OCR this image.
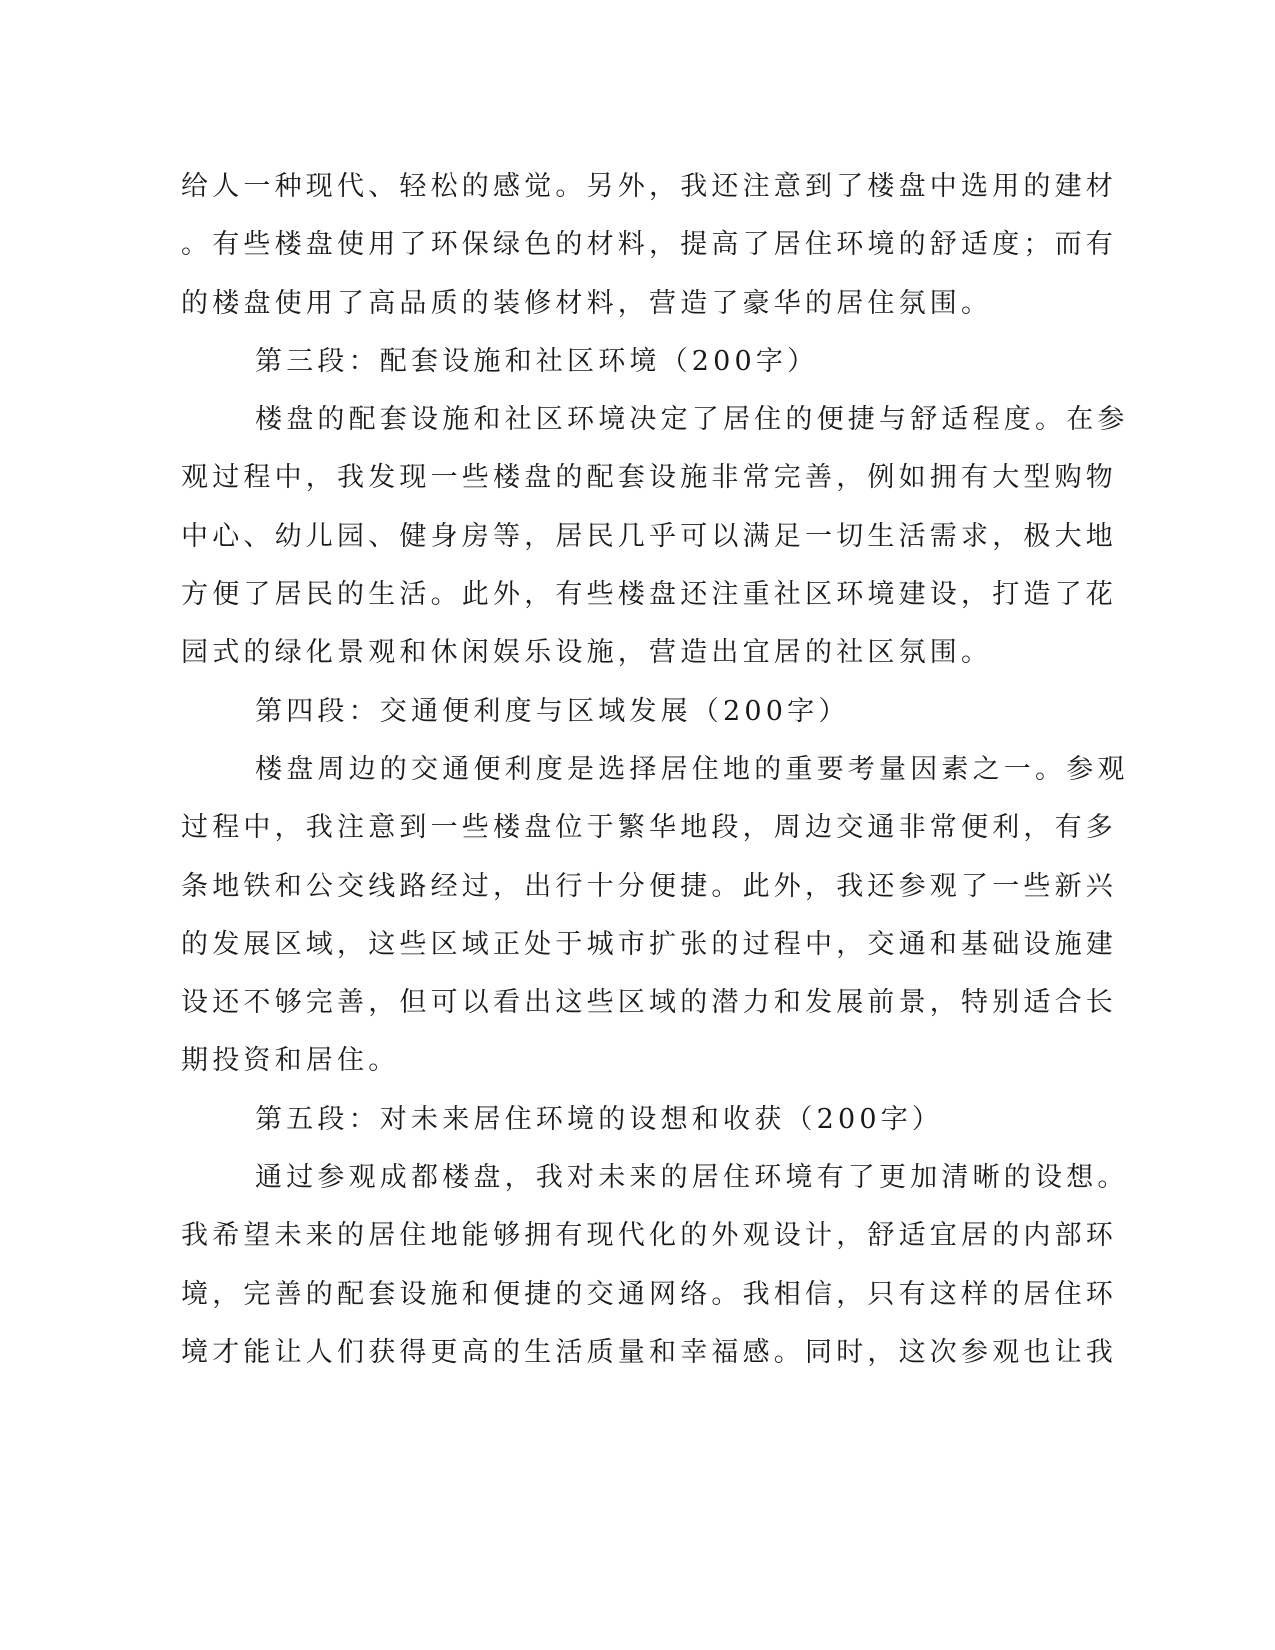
给人一种现代、轻松的感觉。另外，我还注意到了楼盘中选用的建材
。有些楼盘使用了环保绿色的材料，提高了居住环境的舒适度；而有
的楼盘使用了高品质的装修材料，营造了豪华的居住氛围。
第三段：配套设施和社区环境（200字）
楼盘的配套设施和社区环境决定了居住的便捷与舒适程度。在参
观过程中，我发现一些楼盘的配套设施非常完善，例如拥有大型购物
中心、幼儿园、健身房等，居民几乎可以满足一切生活需求，极大地
方便了居民的生活。此外，有些楼盘还注重社区环境建设，打造了花
园式的绿化景观和休闲娱乐设施，营造出宜居的社区氛围。
第四段：交通便利度与区域发展（200字）
楼盘周边的交通便利度是选择居住地的重要考量因素之一。参观
过程中，我注意到一些楼盘位于繁华地段，周边交通非常便利，有多
条地铁和公交线路经过，出行十分便捷。此外，我还参观了一些新兴
的发展区域，这些区域正处于城市扩张的过程中，交通和基础设施建
设还不够完善，但可以看出这些区域的潜力和发展前景，特别适合长
期投资和居住。
第五段：对未来居住环境的设想和收获（200字）
通过参观成都楼盘，我对未来的居住环境有了更加清晰的设想。
我希望未来的居住地能够拥有现代化的外观设计，舒适宜居的内部环
境，完善的配套设施和便捷的交通网络。我相信，只有这样的居住环
境才能让人们获得更高的生活质量和幸福感。同时，这次参观也让我
